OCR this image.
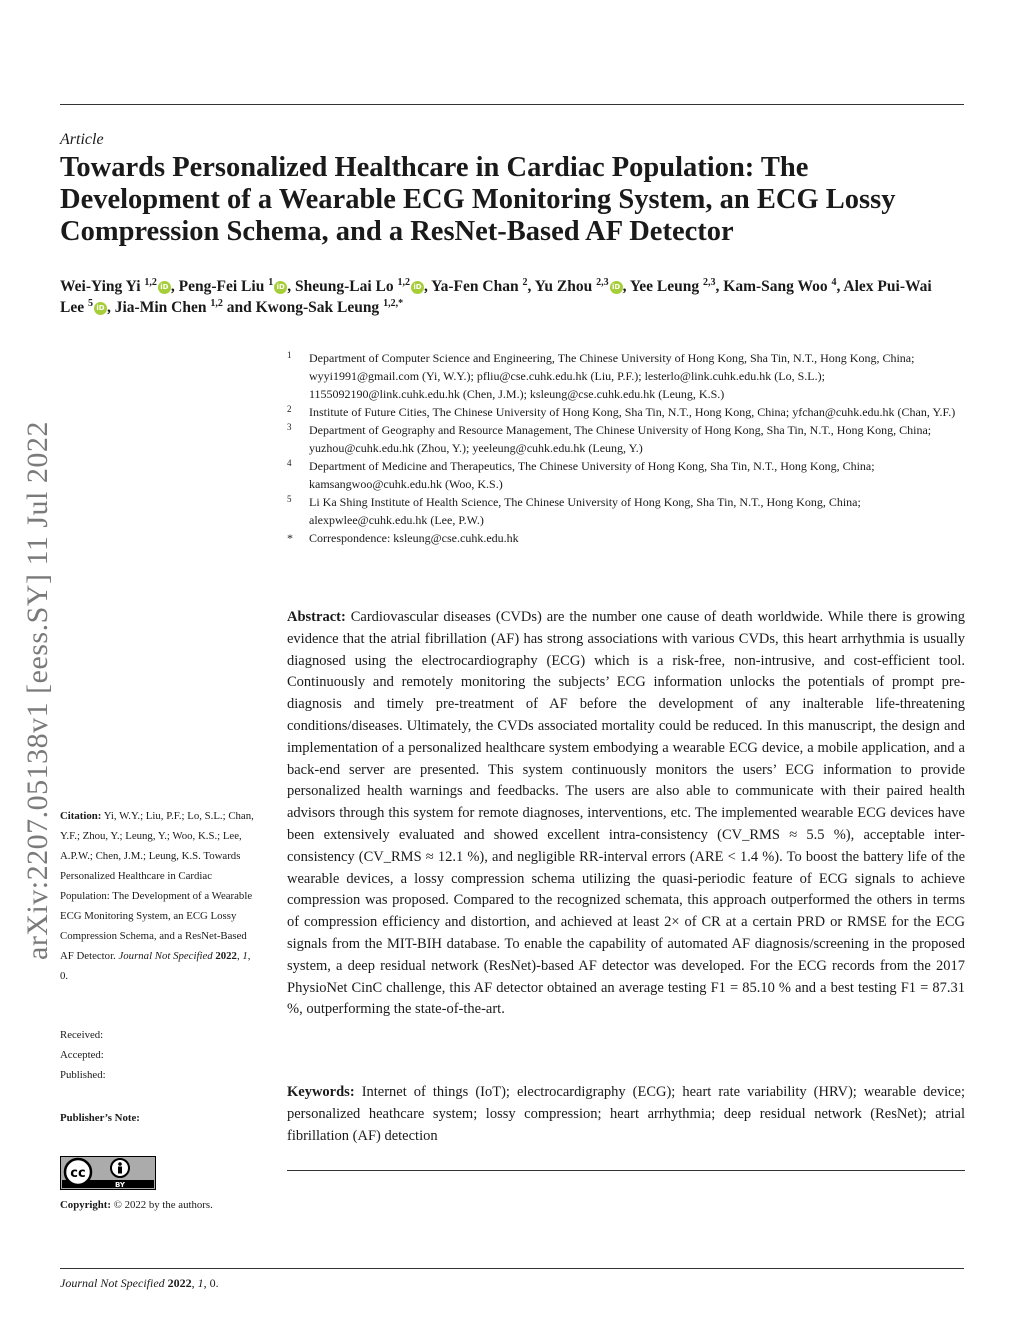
Article
Towards Personalized Healthcare in Cardiac Population: The Development of a Wearable ECG Monitoring System, an ECG Lossy Compression Schema, and a ResNet-Based AF Detector
Wei-Ying Yi $^{1,2}$ iD , Peng-Fei Liu $^1$ iD , Sheung-Lai Lo $^{1,2}$ iD , Ya-Fen Chan $^2$, Yu Zhou $^{2,3}$ iD , Yee Leung $^{2,3}$, Kam-Sang Woo $^4$, Alex Pui-Wai Lee $^5$ iD , Jia-Min Chen $^{1,2}$ and Kwong-Sak Leung $^{1,2,*}$
arXiv:2207.05138v1 [eess.SY] 11 Jul 2022
1 Department of Computer Science and Engineering, The Chinese University of Hong Kong, Sha Tin, N.T., Hong Kong, China; wyyi1991@gmail.com (Yi, W.Y.); pfliu@cse.cuhk.edu.hk (Liu, P.F.); lesterlo@link.cuhk.edu.hk (Lo, S.L.); 1155092190@link.cuhk.edu.hk (Chen, J.M.); ksleung@cse.cuhk.edu.hk (Leung, K.S.)
2 Institute of Future Cities, The Chinese University of Hong Kong, Sha Tin, N.T., Hong Kong, China; yfchan@cuhk.edu.hk (Chan, Y.F.)
3 Department of Geography and Resource Management, The Chinese University of Hong Kong, Sha Tin, N.T., Hong Kong, China; yuzhou@cuhk.edu.hk (Zhou, Y.); yeeleung@cuhk.edu.hk (Leung, Y.)
4 Department of Medicine and Therapeutics, The Chinese University of Hong Kong, Sha Tin, N.T., Hong Kong, China; kamsangwoo@cuhk.edu.hk (Woo, K.S.)
5 Li Ka Shing Institute of Health Science, The Chinese University of Hong Kong, Sha Tin, N.T., Hong Kong, China; alexpwlee@cuhk.edu.hk (Lee, P.W.)
* Correspondence: ksleung@cse.cuhk.edu.hk
Abstract: Cardiovascular diseases (CVDs) are the number one cause of death worldwide. While there is growing evidence that the atrial fibrillation (AF) has strong associations with various CVDs, this heart arrhythmia is usually diagnosed using the electrocardiography (ECG) which is a risk-free, non-intrusive, and cost-efficient tool. Continuously and remotely monitoring the subjects’ ECG information unlocks the potentials of prompt pre-diagnosis and timely pre-treatment of AF before the development of any inalterable life-threatening conditions/diseases. Ultimately, the CVDs associated mortality could be reduced. In this manuscript, the design and implementation of a personalized healthcare system embodying a wearable ECG device, a mobile application, and a back-end server are presented. This system continuously monitors the users’ ECG information to provide personalized health warnings and feedbacks. The users are also able to communicate with their paired health advisors through this system for remote diagnoses, interventions, etc. The implemented wearable ECG devices have been extensively evaluated and showed excellent intra-consistency (CV_RMS ≈ 5.5 %), acceptable inter-consistency (CV_RMS ≈ 12.1 %), and negligible RR-interval errors (ARE < 1.4 %). To boost the battery life of the wearable devices, a lossy compression schema utilizing the quasi-periodic feature of ECG signals to achieve compression was proposed. Compared to the recognized schemata, this approach outperformed the others in terms of compression efficiency and distortion, and achieved at least 2× of CR at a certain PRD or RMSE for the ECG signals from the MIT-BIH database. To enable the capability of automated AF diagnosis/screening in the proposed system, a deep residual network (ResNet)-based AF detector was developed. For the ECG records from the 2017 PhysioNet CinC challenge, this AF detector obtained an average testing F1 = 85.10 % and a best testing F1 = 87.31 %, outperforming the state-of-the-art.
Keywords: Internet of things (IoT); electrocardigraphy (ECG); heart rate variability (HRV); wearable device; personalized heathcare system; lossy compression; heart arrhythmia; deep residual network (ResNet); atrial fibrillation (AF) detection
Citation: Yi, W.Y.; Liu, P.F.; Lo, S.L.; Chan, Y.F.; Zhou, Y.; Leung, Y.; Woo, K.S.; Lee, A.P.W.; Chen, J.M.; Leung, K.S. Towards Personalized Healthcare in Cardiac Population: The Development of a Wearable ECG Monitoring System, an ECG Lossy Compression Schema, and a ResNet-Based AF Detector. Journal Not Specified 2022, 1, 0.
Received:
Accepted:
Published:
Publisher’s Note:
cc
BY
Copyright: © 2022 by the authors.
Journal Not Specified 2022, 1, 0.
